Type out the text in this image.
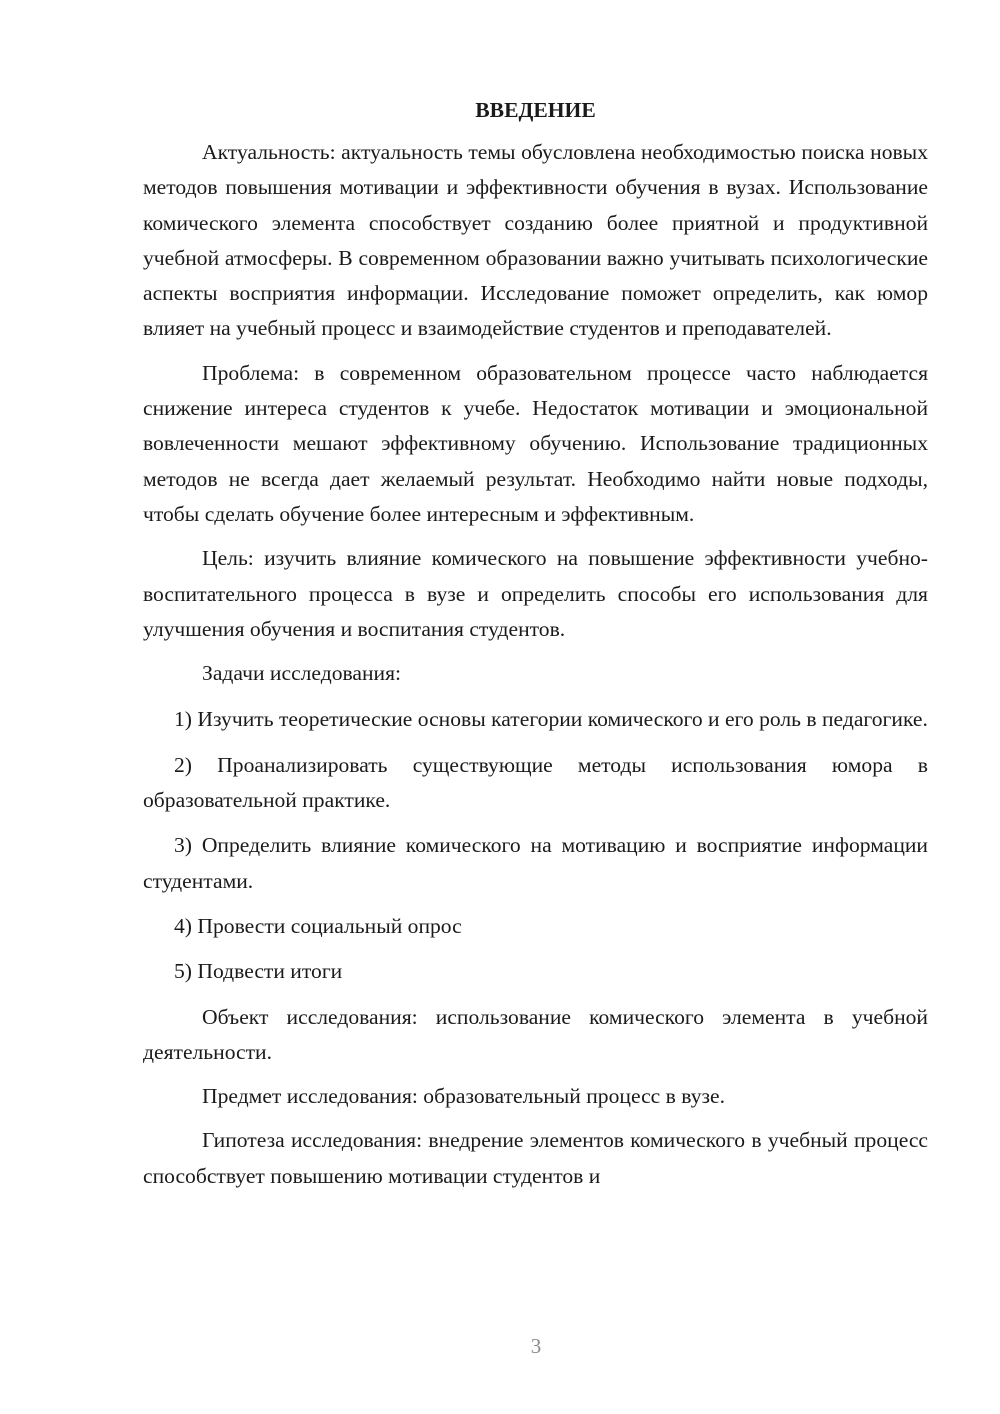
ВВЕДЕНИЕ

Актуальность: актуальность темы обусловлена необходимостью поиска новых методов повышения мотивации и эффективности обучения в вузах. Использование комического элемента способствует созданию более приятной и продуктивной учебной атмосферы. В современном образовании важно учитывать психологические аспекты восприятия информации. Исследование поможет определить, как юмор влияет на учебный процесс и взаимодействие студентов и преподавателей.

Проблема: в современном образовательном процессе часто наблюдается снижение интереса студентов к учебе. Недостаток мотивации и эмоциональной вовлеченности мешают эффективному обучению. Использование традиционных методов не всегда дает желаемый результат. Необходимо найти новые подходы, чтобы сделать обучение более интересным и эффективным.

Цель: изучить влияние комического на повышение эффективности учебно-воспитательного процесса в вузе и определить способы его использования для улучшения обучения и воспитания студентов.

Задачи исследования:

1) Изучить теоретические основы категории комического и его роль в педагогике.

2) Проанализировать существующие методы использования юмора в образовательной практике.

3) Определить влияние комического на мотивацию и восприятие информации студентами.

4) Провести социальный опрос

5) Подвести итоги

Объект исследования: использование комического элемента в учебной деятельности.

Предмет исследования: образовательный процесс в вузе.

Гипотеза исследования: внедрение элементов комического в учебный процесс способствует повышению мотивации студентов и

3
